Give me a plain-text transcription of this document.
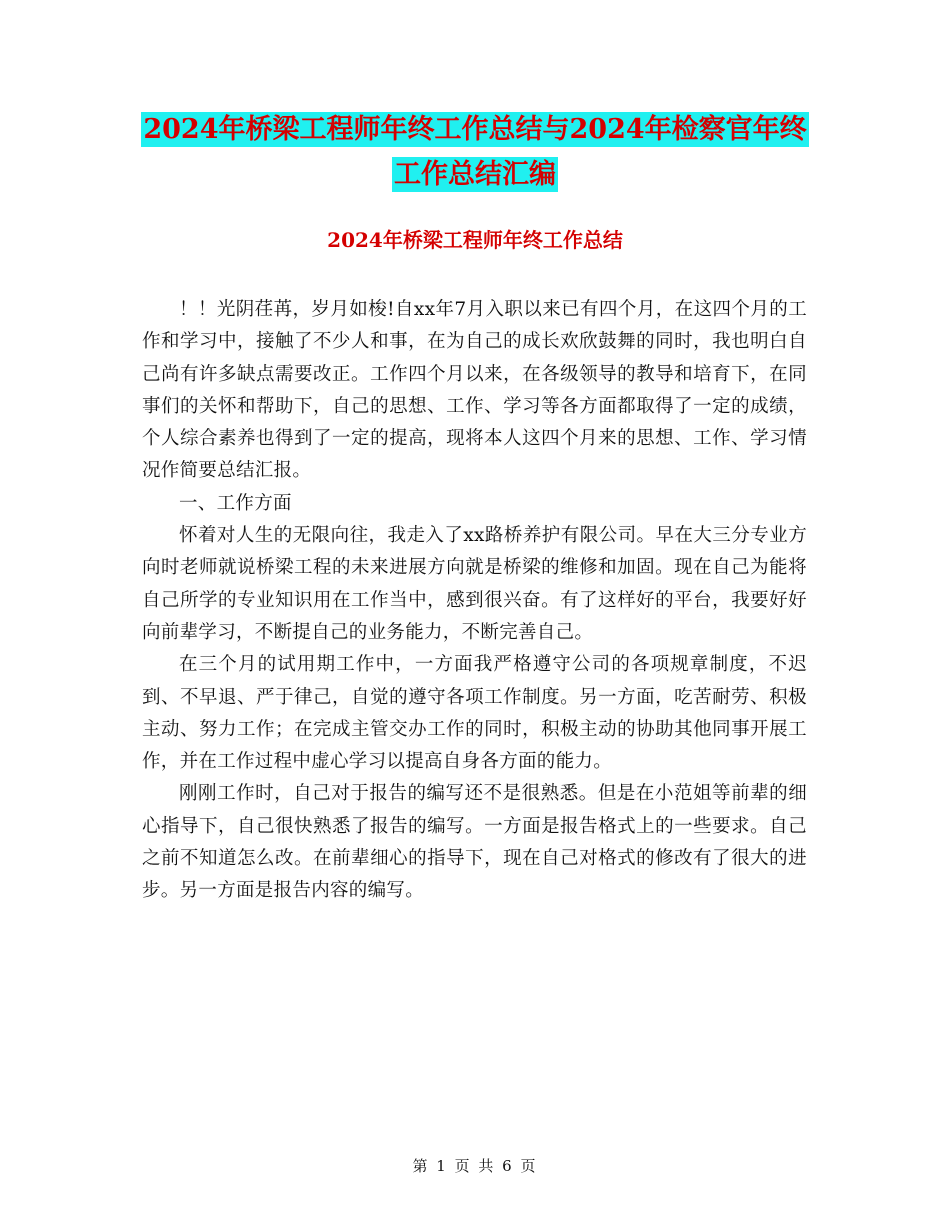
2024年桥梁工程师年终工作总结与2024年检察官年终
工作总结汇编
2024年桥梁工程师年终工作总结

！！光阴荏苒，岁月如梭!自xx年7月入职以来已有四个月，在这四个月的工作和学习中，接触了不少人和事，在为自己的成长欢欣鼓舞的同时，我也明白自己尚有许多缺点需要改正。工作四个月以来，在各级领导的教导和培育下，在同事们的关怀和帮助下，自己的思想、工作、学习等各方面都取得了一定的成绩，个人综合素养也得到了一定的提高，现将本人这四个月来的思想、工作、学习情况作简要总结汇报。

一、工作方面

怀着对人生的无限向往，我走入了xx路桥养护有限公司。早在大三分专业方向时老师就说桥梁工程的未来进展方向就是桥梁的维修和加固。现在自己为能将自己所学的专业知识用在工作当中，感到很兴奋。有了这样好的平台，我要好好向前辈学习，不断提自己的业务能力，不断完善自己。

在三个月的试用期工作中，一方面我严格遵守公司的各项规章制度，不迟到、不早退、严于律己，自觉的遵守各项工作制度。另一方面，吃苦耐劳、积极主动、努力工作；在完成主管交办工作的同时，积极主动的协助其他同事开展工作，并在工作过程中虚心学习以提高自身各方面的能力。

刚刚工作时，自己对于报告的编写还不是很熟悉。但是在小范姐等前辈的细心指导下，自己很快熟悉了报告的编写。一方面是报告格式上的一些要求。自己之前不知道怎么改。在前辈细心的指导下，现在自己对格式的修改有了很大的进步。另一方面是报告内容的编写。

第 1 页 共 6 页
